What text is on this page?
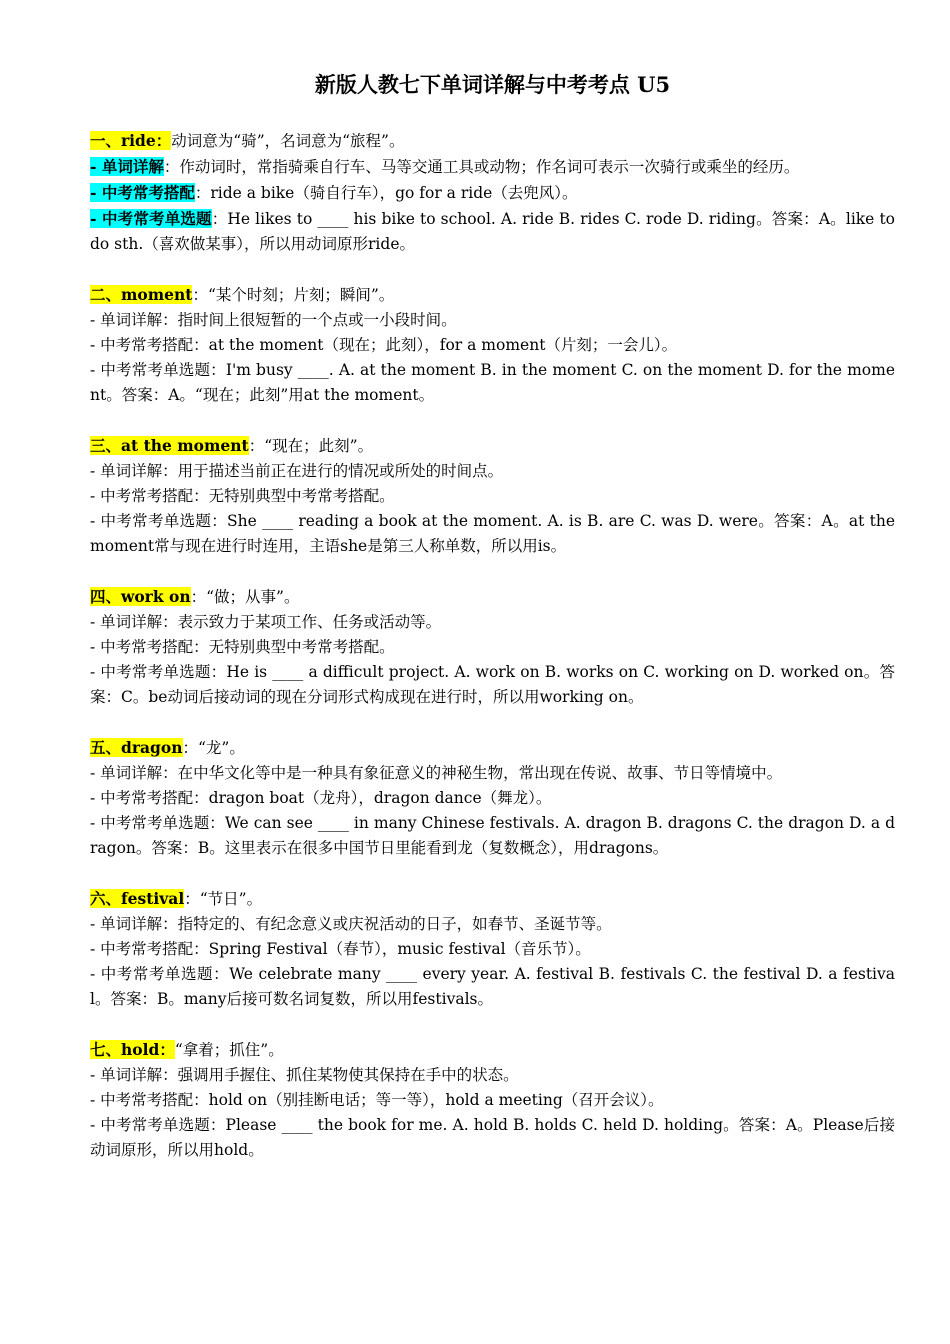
新版人教七下单词详解与中考考点 U5

一、ride：动词意为“骑”，名词意为“旅程”。

- 单词详解：作动词时，常指骑乘自行车、马等交通工具或动物；作名词可表示一次骑行或乘坐的经历。

- 中考常考搭配：ride a bike（骑自行车），go for a ride（去兜风）。

- 中考常考单选题：He likes to ____ his bike to school. A. ride B. rides C. rode D. riding。答案：A。like to do sth.（喜欢做某事），所以用动词原形ride。

二、moment：“某个时刻；片刻；瞬间”。

- 单词详解：指时间上很短暂的一个点或一小段时间。

- 中考常考搭配：at the moment（现在；此刻），for a moment（片刻；一会儿）。

- 中考常考单选题：I'm busy ____. A. at the moment B. in the moment C. on the moment D. for the moment。答案：A。“现在；此刻”用at the moment。

三、at the moment：“现在；此刻”。

- 单词详解：用于描述当前正在进行的情况或所处的时间点。

- 中考常考搭配：无特别典型中考常考搭配。

- 中考常考单选题：She ____ reading a book at the moment. A. is B. are C. was D. were。答案：A。at the moment常与现在进行时连用，主语she是第三人称单数，所以用is。

四、work on：“做；从事”。

- 单词详解：表示致力于某项工作、任务或活动等。

- 中考常考搭配：无特别典型中考常考搭配。

- 中考常考单选题：He is ____ a difficult project. A. work on B. works on C. working on D. worked on。答案：C。be动词后接动词的现在分词形式构成现在进行时，所以用working on。

五、dragon：“龙”。

- 单词详解：在中华文化等中是一种具有象征意义的神秘生物，常出现在传说、故事、节日等情境中。

- 中考常考搭配：dragon boat（龙舟），dragon dance（舞龙）。

- 中考常考单选题：We can see ____ in many Chinese festivals. A. dragon B. dragons C. the dragon D. a dragon。答案：B。这里表示在很多中国节日里能看到龙（复数概念），用dragons。

六、festival：“节日”。

- 单词详解：指特定的、有纪念意义或庆祝活动的日子，如春节、圣诞节等。

- 中考常考搭配：Spring Festival（春节），music festival（音乐节）。

- 中考常考单选题：We celebrate many ____ every year. A. festival B. festivals C. the festival D. a festival。答案：B。many后接可数名词复数，所以用festivals。

七、hold：“拿着；抓住”。

- 单词详解：强调用手握住、抓住某物使其保持在手中的状态。

- 中考常考搭配：hold on（别挂断电话；等一等），hold a meeting（召开会议）。

- 中考常考单选题：Please ____ the book for me. A. hold B. holds C. held D. holding。答案：A。Please后接动词原形，所以用hold。
